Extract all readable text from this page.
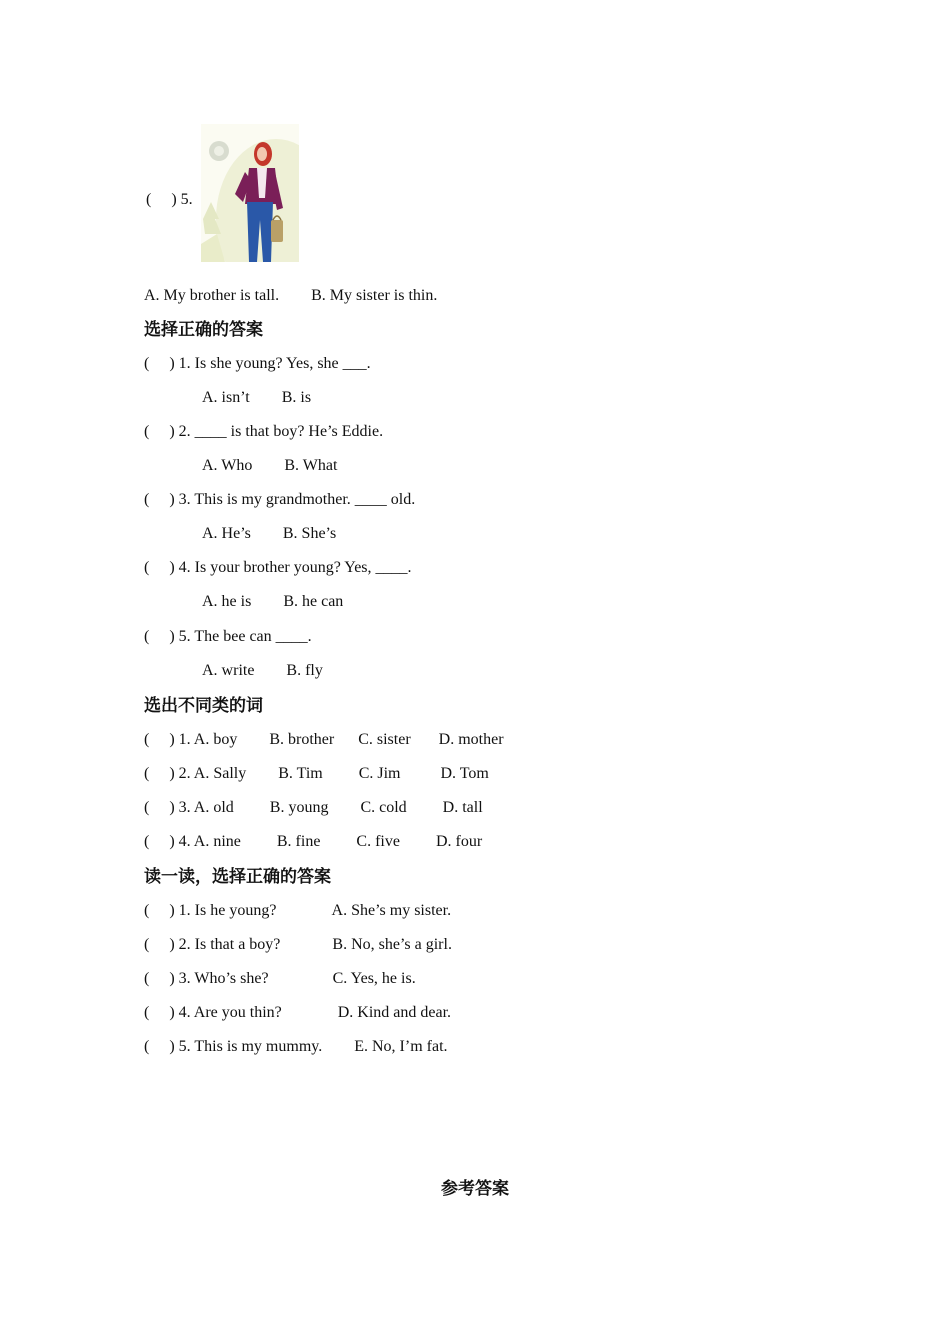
(     ) 5.
A. My brother is tall.        B. My sister is thin.
选择正确的答案
(     ) 1. Is she young? Yes, she ___.
A. isn’t        B. is
(     ) 2. ____ is that boy? He’s Eddie.
A. Who        B. What
(     ) 3. This is my grandmother. ____ old.
A. He’s        B. She’s
(     ) 4. Is your brother young? Yes, ____.
A. he is        B. he can
(     ) 5. The bee can ____.
A. write        B. fly
选出不同类的词
(     ) 1. A. boy        B. brother      C. sister       D. mother
(     ) 2. A. Sally        B. Tim         C. Jim          D. Tom
(     ) 3. A. old         B. young        C. cold         D. tall
(     ) 4. A. nine         B. fine         C. five         D. four
读一读，选择正确的答案
(     ) 1. Is he young?              A. She’s my sister.
(     ) 2. Is that a boy?             B. No, she’s a girl.
(     ) 3. Who’s she?                C. Yes, he is.
(     ) 4. Are you thin?              D. Kind and dear.
(     ) 5. This is my mummy.        E. No, I’m fat.
参考答案
